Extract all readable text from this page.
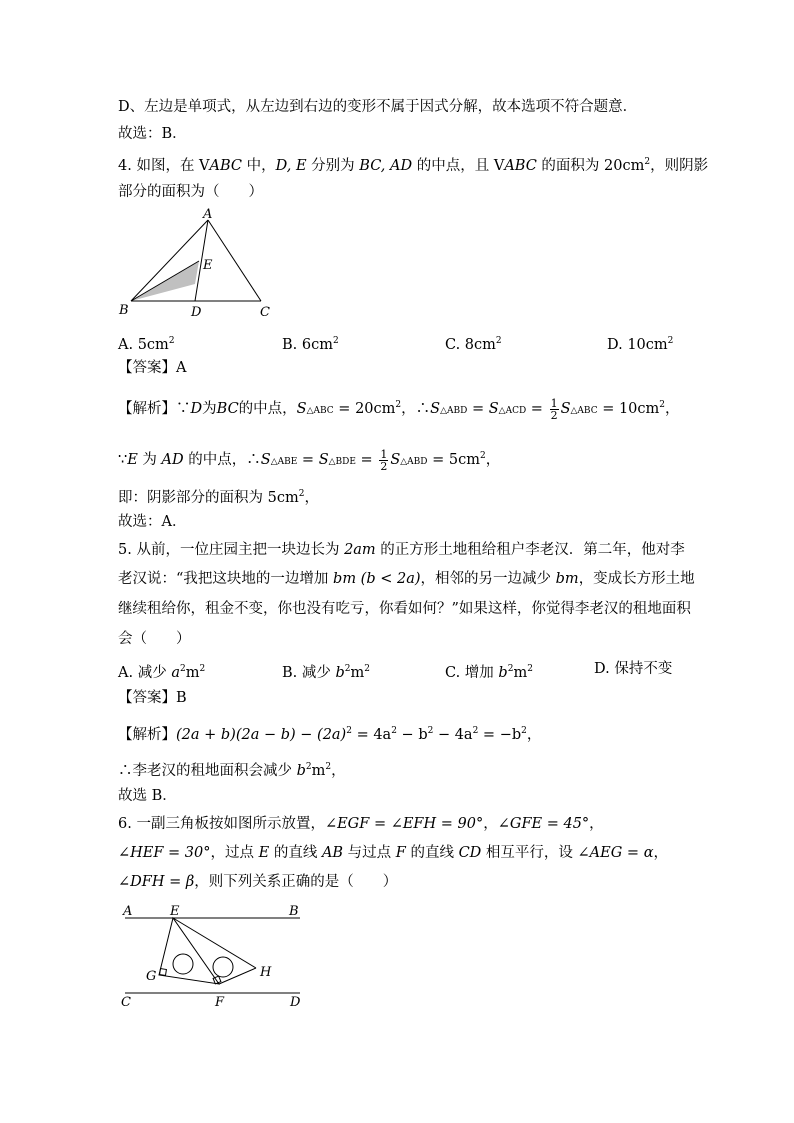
D、左边是单项式，从左边到右边的变形不属于因式分解，故本选项不符合题意．
故选：B．
4. 如图，在 VABC 中，D, E 分别为 BC, AD 的中点，且 VABC 的面积为 $20cm^2$，则阴影
部分的面积为（　　）
A
E
B	D	C
A. $5cm^2$	B. $6cm^2$	C. $8cm^2$	D. $10cm^2$
【答案】A
【解析】∵D为BC的中点，S△ABC = $20cm^2$，∴S△ABD = S△ACD = $\frac{1}{2}$ S△ABC = $10cm^2$，
∵E 为 AD 的中点，∴S△ABE = S△BDE = $\frac{1}{2}$ S△ABD = $5cm^2$，
即：阴影部分的面积为 $5cm^2$，
故选：A．
5. 从前，一位庄园主把一块边长为 2am 的正方形土地租给租户李老汉．第二年，他对李
老汉说：“我把这块地的一边增加 bm (b < 2a)，相邻的另一边减少 bm，变成长方形土地
继续租给你，租金不变，你也没有吃亏，你看如何？”如果这样，你觉得李老汉的租地面积
会（　　）
A. 减少 $a^2m^2$	B. 减少 $b^2m^2$	C. 增加 $b^2m^2$	D. 保持不变
【答案】B
【解析】$(2a + b)(2a - b) - (2a)^2 = 4a^2 - b^2 - 4a^2 = -b^2$，
∴李老汉的租地面积会减少 $b^2m^2$，
故选 B．
6. 一副三角板按如图所示放置，∠EGF = ∠EFH = 90°，∠GFE = 45°，
∠HEF = 30°，过点 E 的直线 AB 与过点 F 的直线 CD 相互平行，设 ∠AEG = α，
∠DFH = β，则下列关系正确的是（　　）
A	E	B
G	H
C	F	D
